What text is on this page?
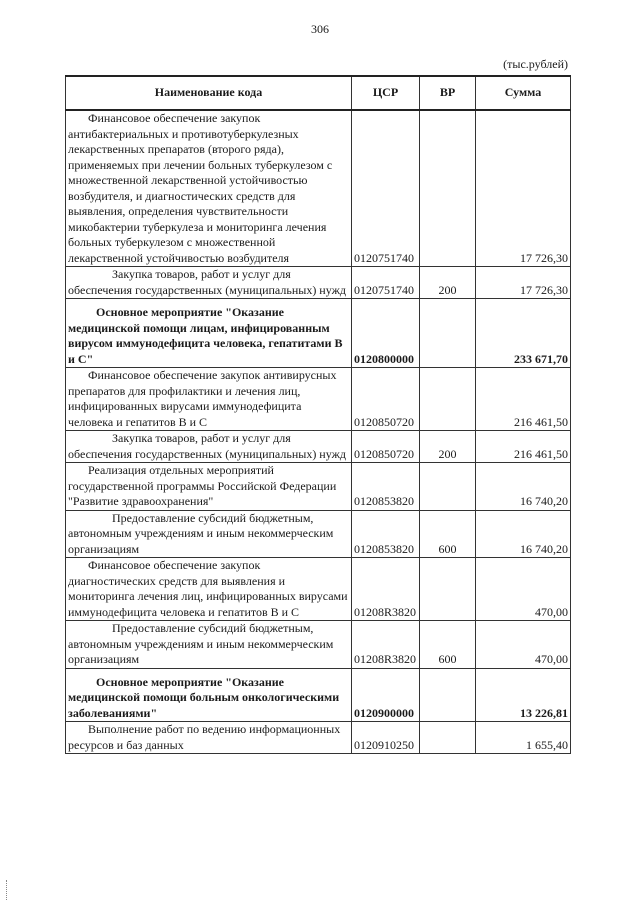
306
(тыс.рублей)
Наименование кода	ЦСР	ВР	Сумма

Финансовое обеспечение закупок антибактериальных и противотуберкулезных лекарственных препаратов (второго ряда), применяемых при лечении больных туберкулезом с множественной лекарственной устойчивостью возбудителя, и диагностических средств для выявления, определения чувствительности микобактерии туберкулеза и мониторинга лечения больных туберкулезом с множественной лекарственной устойчивостью возбудителя	0120751740		17 726,30

Закупка товаров, работ и услуг для обеспечения государственных (муниципальных) нужд	0120751740	200	17 726,30

Основное мероприятие "Оказание медицинской помощи лицам, инфицированным вирусом иммунодефицита человека, гепатитами В и С"	0120800000		233 671,70

Финансовое обеспечение закупок антивирусных препаратов для профилактики и лечения лиц, инфицированных вирусами иммунодефицита человека и гепатитов В и С	0120850720		216 461,50

Закупка товаров, работ и услуг для обеспечения государственных (муниципальных) нужд	0120850720	200	216 461,50

Реализация отдельных мероприятий государственной программы Российской Федерации "Развитие здравоохранения"	0120853820		16 740,20

Предоставление субсидий бюджетным, автономным учреждениям и иным некоммерческим организациям	0120853820	600	16 740,20

Финансовое обеспечение закупок диагностических средств для выявления и мониторинга лечения лиц, инфицированных вирусами иммунодефицита человека и гепатитов В и С	01208R3820		470,00

Предоставление субсидий бюджетным, автономным учреждениям и иным некоммерческим организациям	01208R3820	600	470,00

Основное мероприятие "Оказание медицинской помощи больным онкологическими заболеваниями"	0120900000		13 226,81

Выполнение работ по ведению информационных ресурсов и баз данных	0120910250		1 655,40
